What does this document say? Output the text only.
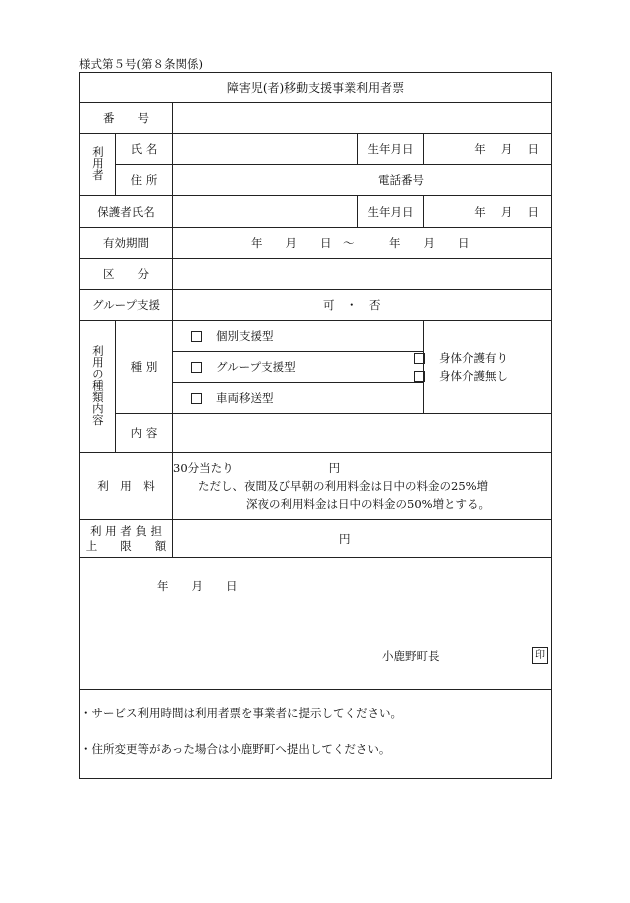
様式第５号(第８条関係)
障害児(者)移動支援事業利用者票				
番　　号				
利用者	氏 名		生年月日	年　 月　 日
	住 所	電話番号		
保護者氏名			生年月日	年　 月　 日
有効期間		年　　月　　日　～　　　年　　月　　日		
区　　分				
グループ支援		可　・　否		
利用の種類内容	種 別	個別支援型		身体介護有り
身体介護無し

		グループ支援型		

		車両移送型		

	内 容			
利　用　料		30分当たり 円
ただし、夜間及び早朝の利用料金は日中の料金の25%増
深夜の利用料金は日中の料金の50%増とする。		

利 用 者 負 担
上　　限　　額		円		

年　　月　　日
小鹿野町長 印				

・サービス利用時間は利用者票を事業者に提示してください。
・住所変更等があった場合は小鹿野町へ提出してください。				
